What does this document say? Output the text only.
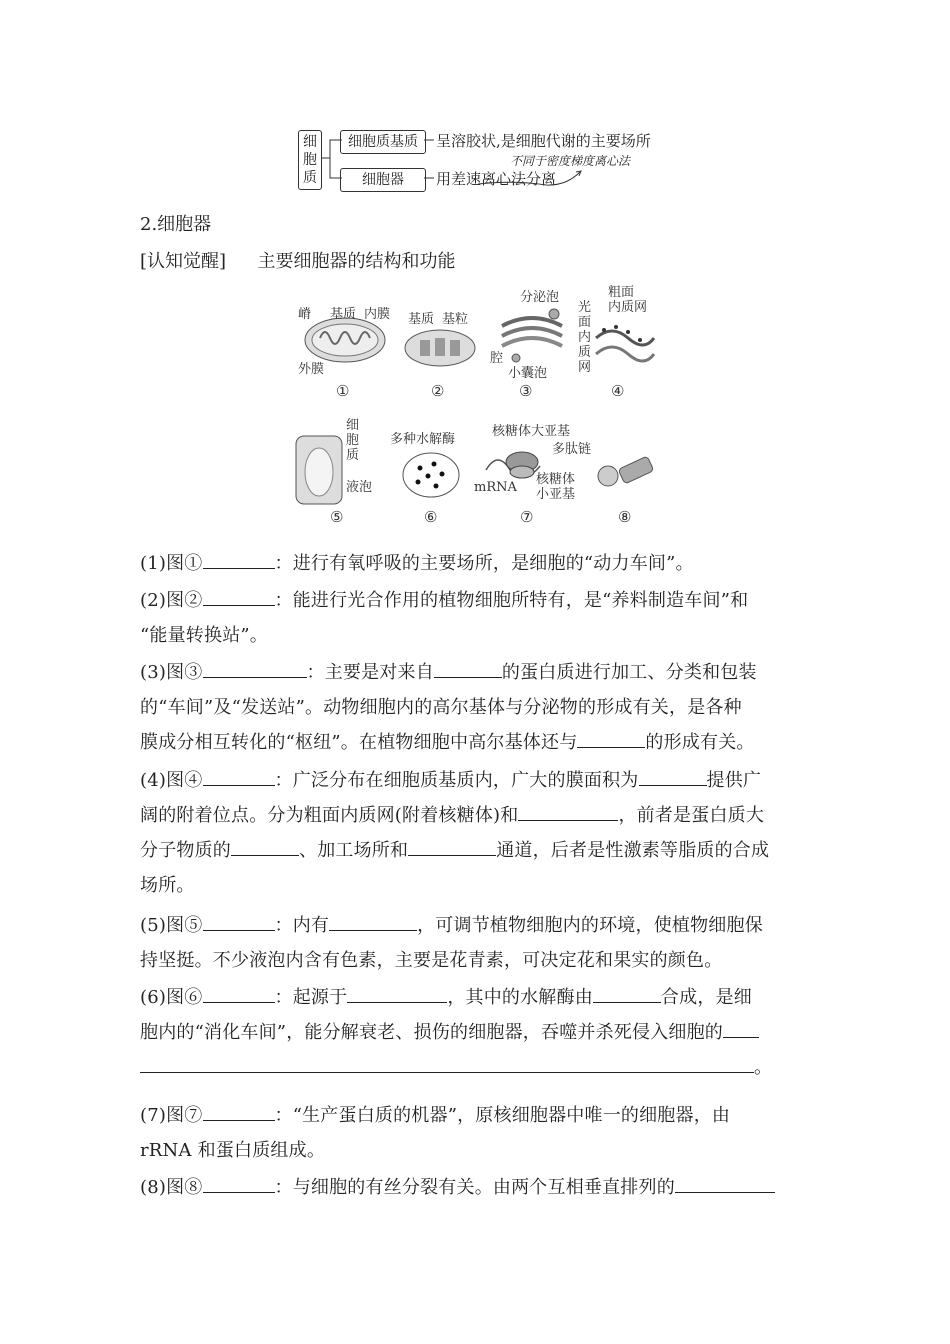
细
胞
质
细胞质基质
细胞器
呈溶胶状,是细胞代谢的主要场所
不同于密度梯度离心法
用差速离心法分离
2.细胞器
[认知觉醒] 主要细胞器的结构和功能
嵴 基质 内膜
外膜
基质 基粒
分泌泡
腔
小囊泡
粗面
内质网
光
面
内
质
网
①	②	③	④
细
胞
质
液泡
多种水解酶
核糖体大亚基
多肽链
mRNA
核糖体
小亚基
⑤	⑥	⑦	⑧
(1)图①	：进行有氧呼吸的主要场所，是细胞的“动力车间”。
(2)图②	：能进行光合作用的植物细胞所特有，是“养料制造车间”和
“能量转换站”。
(3)图③	：主要是对来自	的蛋白质进行加工、分类和包装
的“车间”及“发送站”。动物细胞内的高尔基体与分泌物的形成有关，是各种
膜成分相互转化的“枢纽”。在植物细胞中高尔基体还与	的形成有关。
(4)图④	：广泛分布在细胞质基质内，广大的膜面积为	提供广
阔的附着位点。分为粗面内质网(附着核糖体)和	，前者是蛋白质大
分子物质的	、加工场所和	通道，后者是性激素等脂质的合成
场所。
(5)图⑤	：内有	，可调节植物细胞内的环境，使植物细胞保
持坚挺。不少液泡内含有色素，主要是花青素，可决定花和果实的颜色。
(6)图⑥	：起源于	，其中的水解酶由	合成，是细
胞内的“消化车间”，能分解衰老、损伤的细胞器，吞噬并杀死侵入细胞的
。
(7)图⑦	：“生产蛋白质的机器”，原核细胞器中唯一的细胞器，由
rRNA 和蛋白质组成。
(8)图⑧	：与细胞的有丝分裂有关。由两个互相垂直排列的
